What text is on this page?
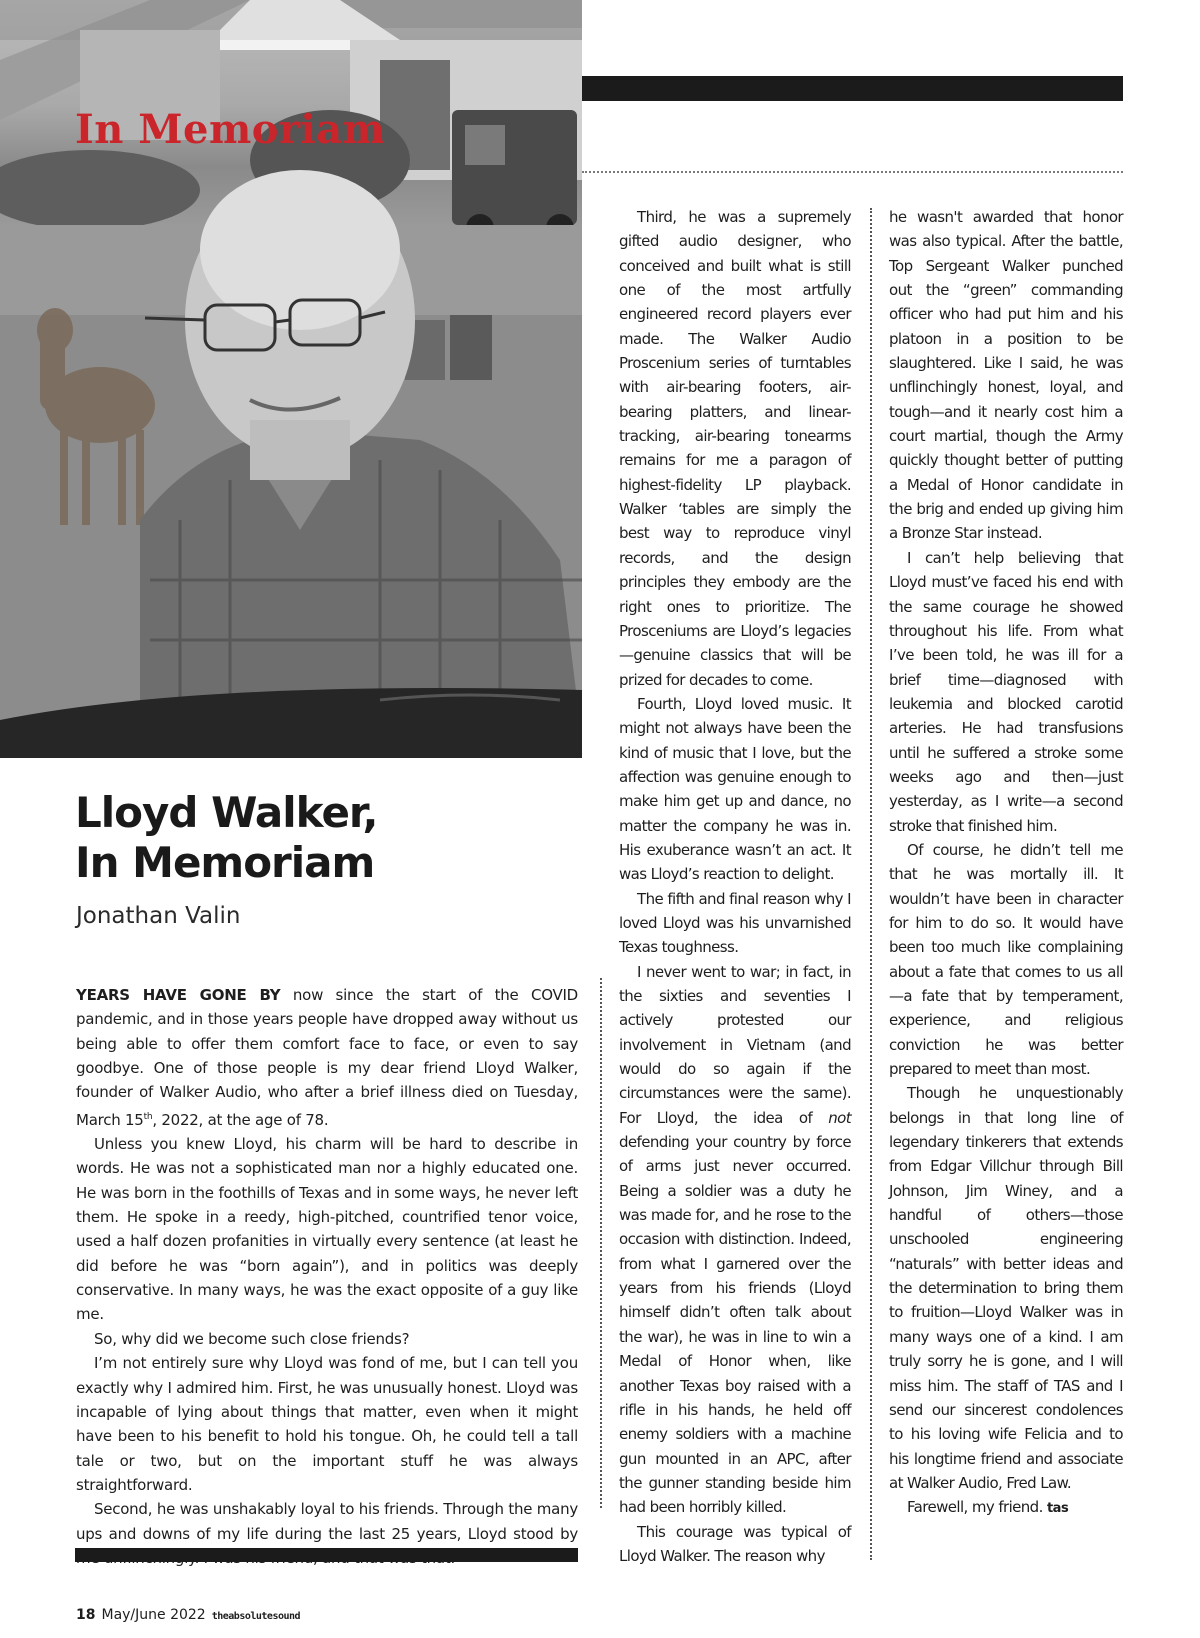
In Memoriam
Lloyd Walker,
In Memoriam
Jonathan Valin

YEARS HAVE GONE BY now since the start of the COVID pandemic, and in those years people have dropped away without us being able to offer them comfort face to face, or even to say goodbye. One of those people is my dear friend Lloyd Walker, founder of Walker Audio, who after a brief illness died on Tuesday, March 15th, 2022, at the age of 78.

Unless you knew Lloyd, his charm will be hard to describe in words. He was not a sophisticated man nor a highly educated one. He was born in the foothills of Texas and in some ways, he never left them. He spoke in a reedy, high-pitched, countrified tenor voice, used a half dozen profanities in virtually every sentence (at least he did before he was “born again”), and in politics was deeply conservative. In many ways, he was the exact opposite of a guy like me.

So, why did we become such close friends?

I’m not entirely sure why Lloyd was fond of me, but I can tell you exactly why I admired him. First, he was unusually honest. Lloyd was incapable of lying about things that matter, even when it might have been to his benefit to hold his tongue. Oh, he could tell a tall tale or two, but on the important stuff he was always straightforward.

Second, he was unshakably loyal to his friends. Through the many ups and downs of my life during the last 25 years, Lloyd stood by

Third, he was a supremely gifted audio designer, who conceived and built what is still one of the most artfully engineered record players ever made. The Walker Audio Proscenium series of turntables with air-bearing footers, air-bearing platters, and linear-tracking, air-bearing tonearms remains for me a paragon of highest-fidelity LP playback. Walker ‘tables are simply the best way to reproduce vinyl records, and the design principles they embody are the right ones to prioritize. The Prosceniums are Lloyd’s legacies—genuine classics that will be prized for decades to come.

Fourth, Lloyd loved music. It might not always have been the kind of music that I love, but the affection was genuine enough to make him get up and dance, no matter the company he was in. His exuberance wasn’t an act. It was Lloyd’s reaction to delight.

The fifth and final reason why I loved Lloyd was his unvarnished Texas toughness.

I never went to war; in fact, in the sixties and seventies I actively protested our involvement in Vietnam (and would do so again if the circumstances were the same). For Lloyd, the idea of not defending your country by force of arms just never occurred. Being a soldier was a duty he was made for, and he rose to the occasion with distinction. Indeed, from what I garnered over the years from his friends (Lloyd himself didn’t often talk about the war), he was in line to win a Medal of Honor when, like another Texas boy raised with a rifle in his hands, he held off enemy soldiers with a machine gun mounted in an APC, after the gunner standing beside him had been horribly killed.

This courage was typical of Lloyd Walker. The reason why

he wasn't awarded that honor was also typical. After the battle, Top Sergeant Walker punched out the “green” commanding officer who had put him and his platoon in a position to be slaughtered. Like I said, he was unflinchingly honest, loyal, and tough—and it nearly cost him a court martial, though the Army quickly thought better of putting a Medal of Honor candidate in the brig and ended up giving him a Bronze Star instead.

I can’t help believing that Lloyd must’ve faced his end with the same courage he showed throughout his life. From what I’ve been told, he was ill for a brief time—diagnosed with leukemia and blocked carotid arteries. He had transfusions until he suffered a stroke some weeks ago and then—just yesterday, as I write—a second stroke that finished him.

Of course, he didn’t tell me that he was mortally ill. It wouldn’t have been in character for him to do so. It would have been too much like complaining about a fate that comes to us all—a fate that by temperament, experience, and religious conviction he was better prepared to meet than most.

Though he unquestionably belongs in that long line of legendary tinkerers that extends from Edgar Villchur through Bill Johnson, Jim Winey, and a handful of others—those unschooled engineering “naturals” with better ideas and the determination to bring them to fruition—Lloyd Walker was in many ways one of a kind. I am truly sorry he is gone, and I will miss him. The staff of TAS and I send our sincerest condolences to his loving wife Felicia and to his longtime friend and associate at Walker Audio, Fred Law.

Farewell, my friend. tas

18 May/June 2022 theabsolutesound
